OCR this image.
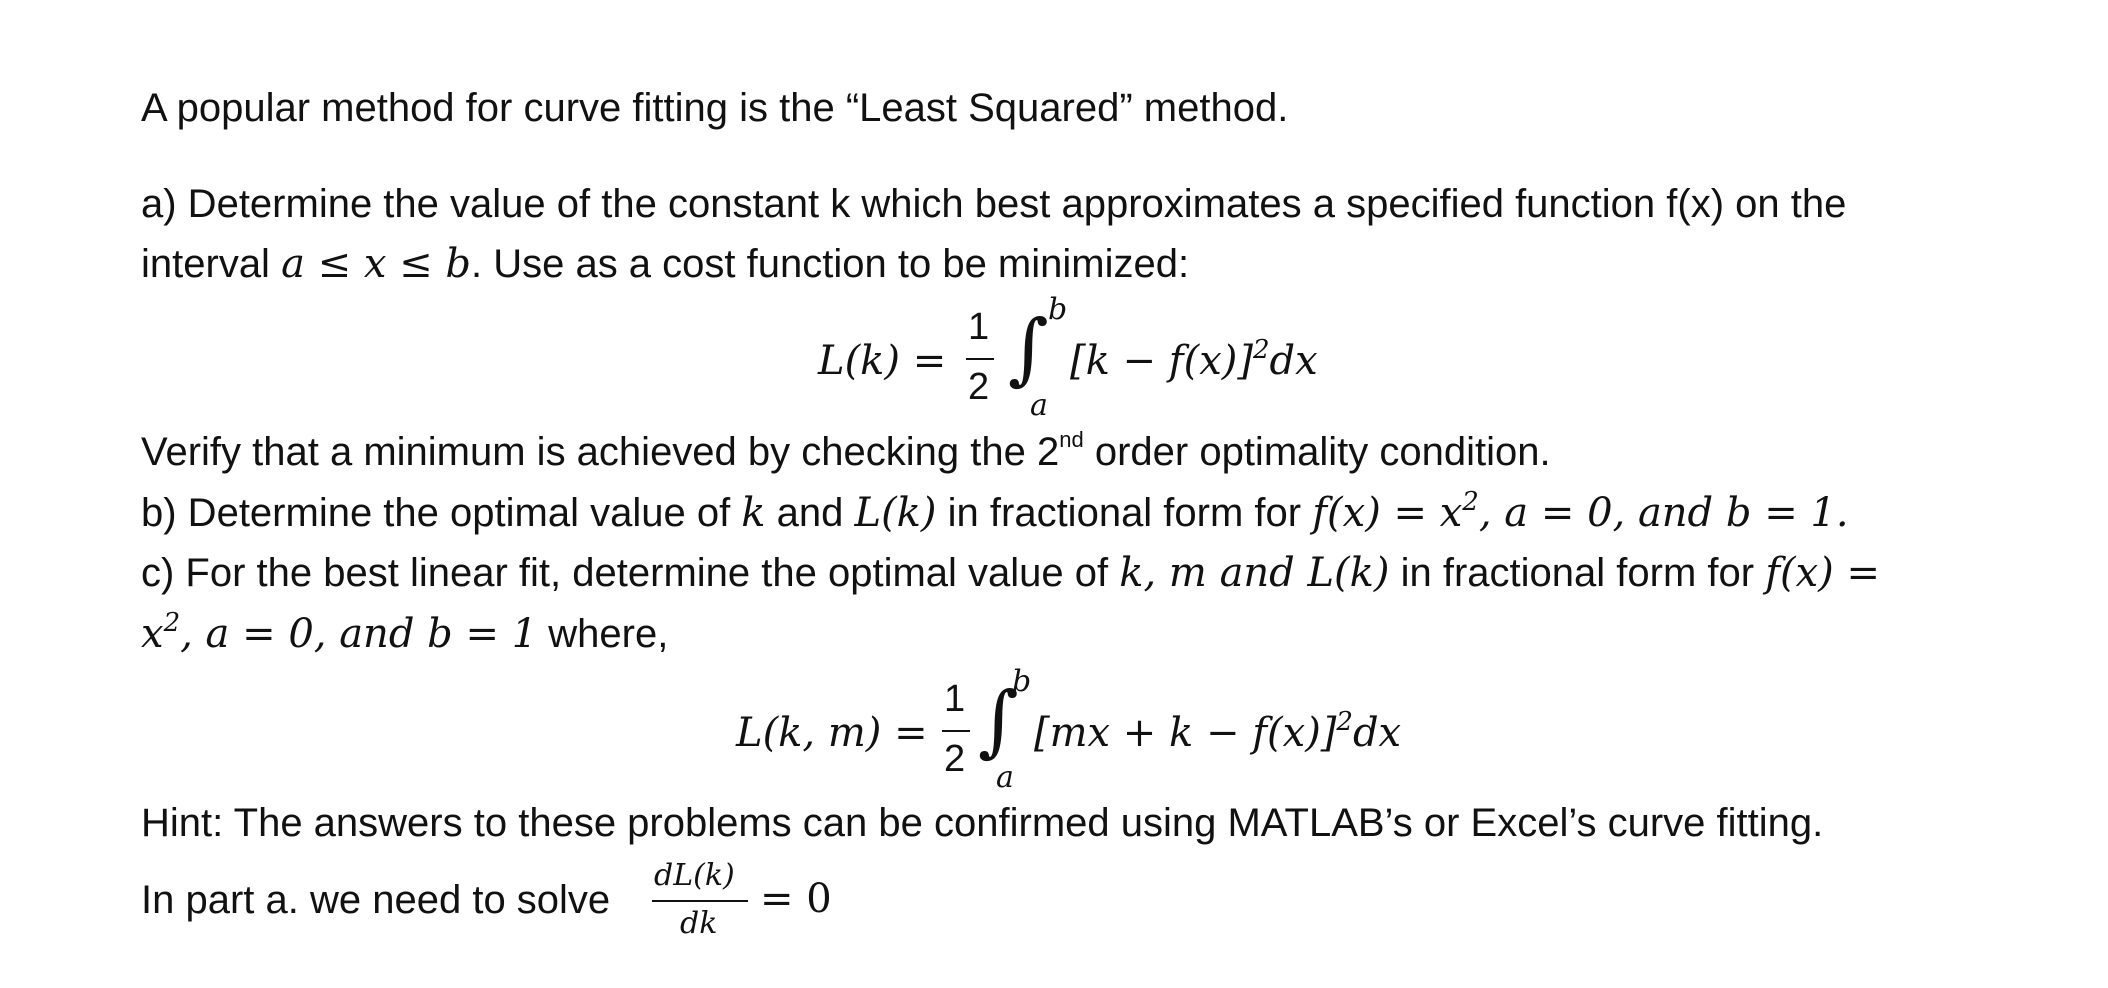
A popular method for curve fitting is the “Least Squared” method.
a) Determine the value of the constant k which best approximates a specified function f(x) on the
interval a ≤ x ≤ b. Use as a cost function to be minimized:
L(k) =
1
2 ∫ b
a
$[k - f(x)]^2dx$
Verify that a minimum is achieved by checking the 2nd order optimality condition.
b) Determine the optimal value of k and L(k) in fractional form for $f(x) = x^2$, a = 0, and b = 1.
c) For the best linear fit, determine the optimal value of k, m and L(k) in fractional form for f(x) =
$x^2$, a = 0, and b = 1 where,
L(k, m) =
1
2 ∫
b
a
[mx + k − f(x)]$^2$dx
Hint: The answers to these problems can be confirmed using MATLAB’s or Excel’s curve fitting.
In part a. we need to solve
dL(k)
dk
= 0
